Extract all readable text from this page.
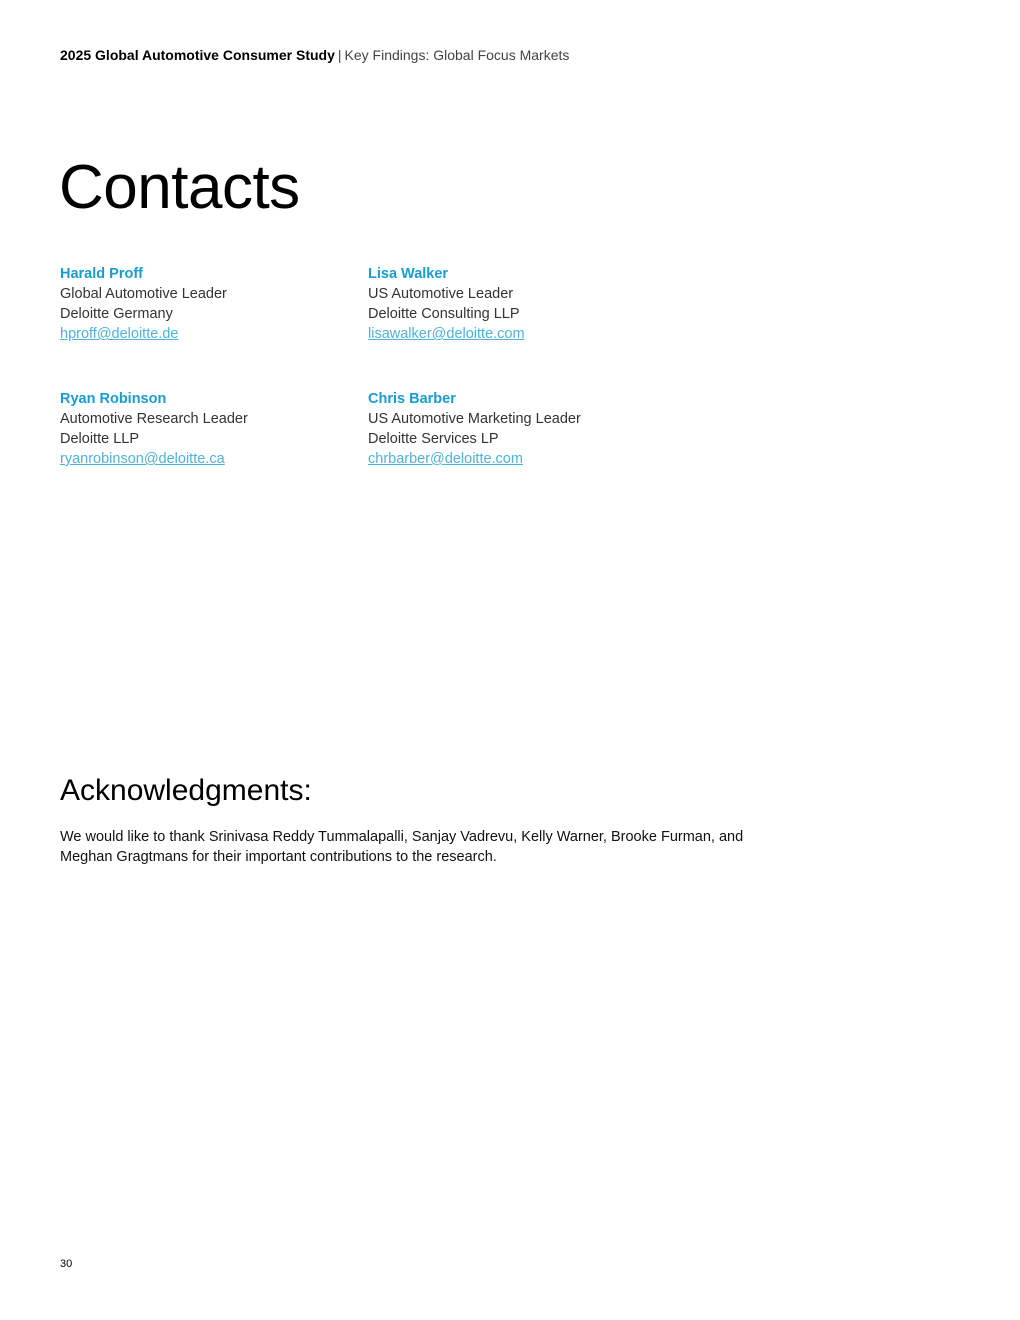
2025 Global Automotive Consumer Study | Key Findings: Global Focus Markets
Contacts
Harald Proff
Global Automotive Leader
Deloitte Germany
hproff@deloitte.de
Lisa Walker
US Automotive Leader
Deloitte Consulting LLP
lisawalker@deloitte.com
Ryan Robinson
Automotive Research Leader
Deloitte LLP
ryanrobinson@deloitte.ca
Chris Barber
US Automotive Marketing Leader
Deloitte Services LP
chrbarber@deloitte.com
Acknowledgments:

We would like to thank Srinivasa Reddy Tummalapalli, Sanjay Vadrevu, Kelly Warner, Brooke Furman, and Meghan Gragtmans for their important contributions to the research.

30
